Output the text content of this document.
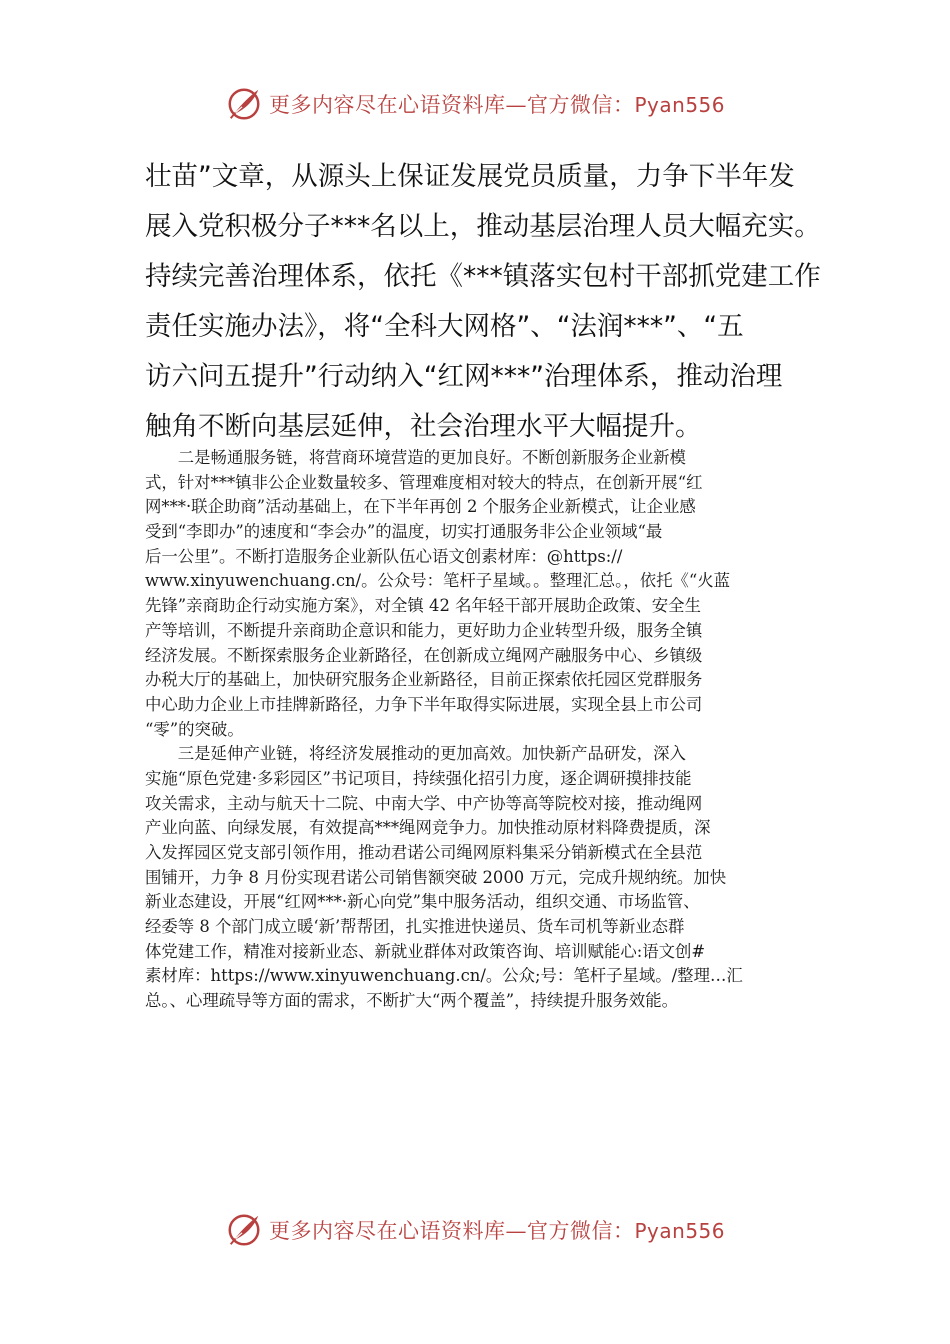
更多内容尽在心语资料库—官方微信：Pyan556
壮苗”文章，从源头上保证发展党员质量，力争下半年发
展入党积极分子***名以上，推动基层治理人员大幅充实。
持续完善治理体系，依托《***镇落实包村干部抓党建工作
责任实施办法》，将“全科大网格”、“法润***”、“五
访六问五提升”行动纳入“红网***”治理体系，推动治理
触角不断向基层延伸，社会治理水平大幅提升。
　　二是畅通服务链，将营商环境营造的更加良好。不断创新服务企业新模
式，针对***镇非公企业数量较多、管理难度相对较大的特点，在创新开展“红
网***·联企助商”活动基础上，在下半年再创 2 个服务企业新模式，让企业感
受到“李即办”的速度和“李会办”的温度，切实打通服务非公企业领域“最
后一公里”。不断打造服务企业新队伍心语文创素材库：@https://
www.xinyuwenchuang.cn/。公众号：笔杆子星域。。整理汇总。，依托《“火蓝
先锋”亲商助企行动实施方案》，对全镇 42 名年轻干部开展助企政策、安全生
产等培训，不断提升亲商助企意识和能力，更好助力企业转型升级，服务全镇
经济发展。不断探索服务企业新路径，在创新成立绳网产融服务中心、乡镇级
办税大厅的基础上，加快研究服务企业新路径，目前正探索依托园区党群服务
中心助力企业上市挂牌新路径，力争下半年取得实际进展，实现全县上市公司
“零”的突破。
　　三是延伸产业链，将经济发展推动的更加高效。加快新产品研发，深入
实施“原色党建·多彩园区”书记项目，持续强化招引力度，逐企调研摸排技能
攻关需求，主动与航天十二院、中南大学、中产协等高等院校对接，推动绳网
产业向蓝、向绿发展，有效提高***绳网竞争力。加快推动原材料降费提质，深
入发挥园区党支部引领作用，推动君诺公司绳网原料集采分销新模式在全县范
围铺开，力争 8 月份实现君诺公司销售额突破 2000 万元，完成升规纳统。加快
新业态建设，开展“红网***·新心向党”集中服务活动，组织交通、市场监管、
经委等 8 个部门成立暖‘新’帮帮团，扎实推进快递员、货车司机等新业态群
体党建工作，精准对接新业态、新就业群体对政策咨询、培训赋能心:语文创#
素材库：https://www.xinyuwenchuang.cn/。公众;号：笔杆子星域。/整理…汇
总。、心理疏导等方面的需求，不断扩大“两个覆盖”，持续提升服务效能。
更多内容尽在心语资料库—官方微信：Pyan556
